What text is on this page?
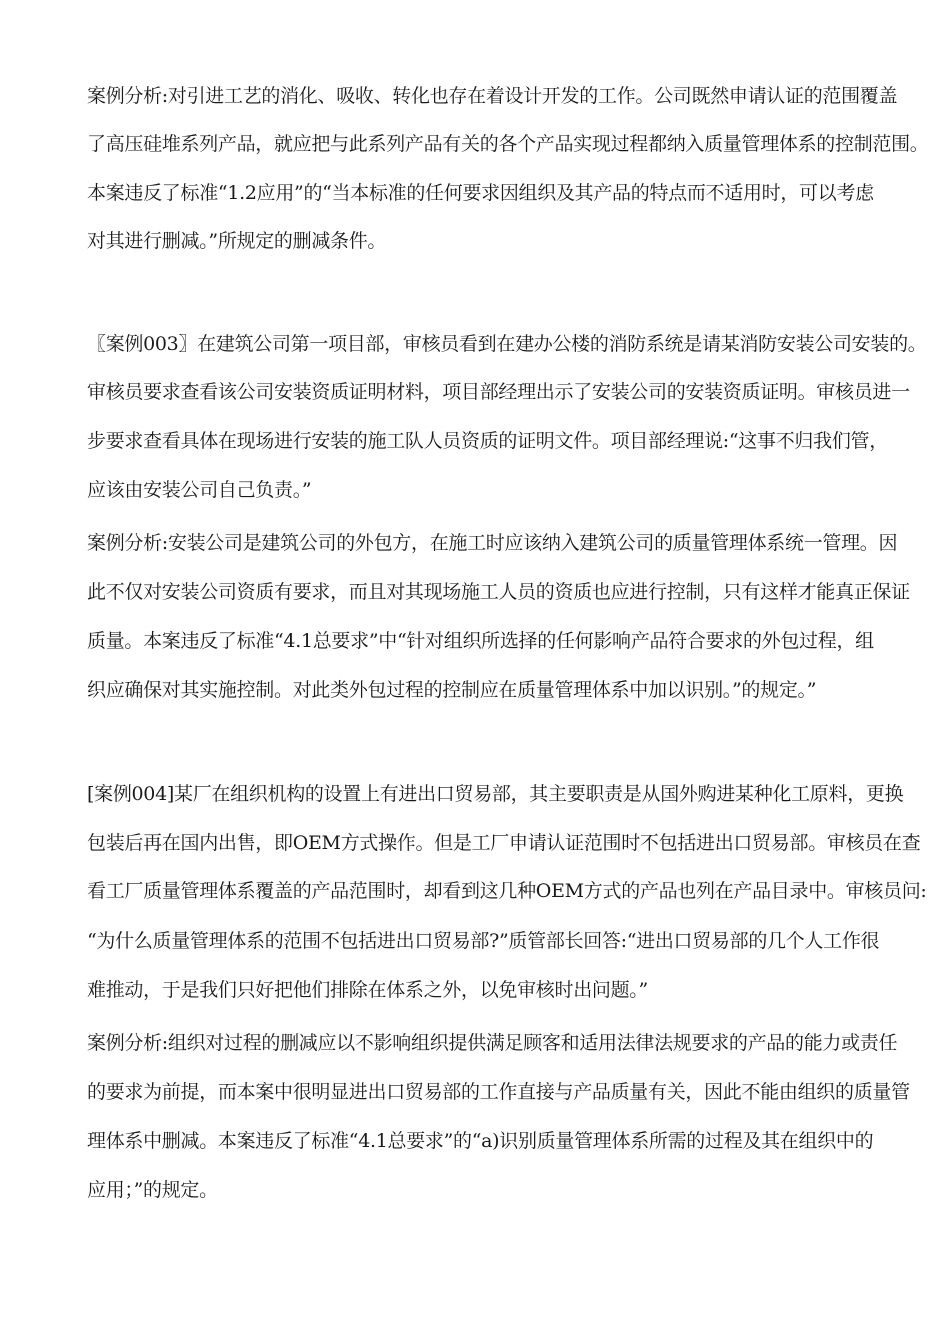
案例分析:对引进工艺的消化、吸收、转化也存在着设计开发的工作。公司既然申请认证的范围覆盖

了高压硅堆系列产品，就应把与此系列产品有关的各个产品实现过程都纳入质量管理体系的控制范围。

本案违反了标准“1.2应用”的“当本标准的任何要求因组织及其产品的特点而不适用时，可以考虑

对其进行删减。”所规定的删减条件。

〖案例003〗在建筑公司第一项目部，审核员看到在建办公楼的消防系统是请某消防安装公司安装的。

审核员要求查看该公司安装资质证明材料，项目部经理出示了安装公司的安装资质证明。审核员进一

步要求查看具体在现场进行安装的施工队人员资质的证明文件。项目部经理说:“这事不归我们管，

应该由安装公司自己负责。”

案例分析:安装公司是建筑公司的外包方，在施工时应该纳入建筑公司的质量管理体系统一管理。因

此不仅对安装公司资质有要求，而且对其现场施工人员的资质也应进行控制，只有这样才能真正保证

质量。本案违反了标准“4.1总要求”中“针对组织所选择的任何影响产品符合要求的外包过程，组

织应确保对其实施控制。对此类外包过程的控制应在质量管理体系中加以识别。”的规定。”

[案例004]某厂在组织机构的设置上有进出口贸易部，其主要职责是从国外购进某种化工原料，更换

包装后再在国内出售，即OEM方式操作。但是工厂申请认证范围时不包括进出口贸易部。审核员在查

看工厂质量管理体系覆盖的产品范围时，却看到这几种OEM方式的产品也列在产品目录中。审核员问:

“为什么质量管理体系的范围不包括进出口贸易部?”质管部长回答:“进出口贸易部的几个人工作很

难推动，于是我们只好把他们排除在体系之外，以免审核时出问题。”

案例分析:组织对过程的删减应以不影响组织提供满足顾客和适用法律法规要求的产品的能力或责任

的要求为前提，而本案中很明显进出口贸易部的工作直接与产品质量有关，因此不能由组织的质量管

理体系中删减。本案违反了标准“4.1总要求”的“a)识别质量管理体系所需的过程及其在组织中的

应用；”的规定。
